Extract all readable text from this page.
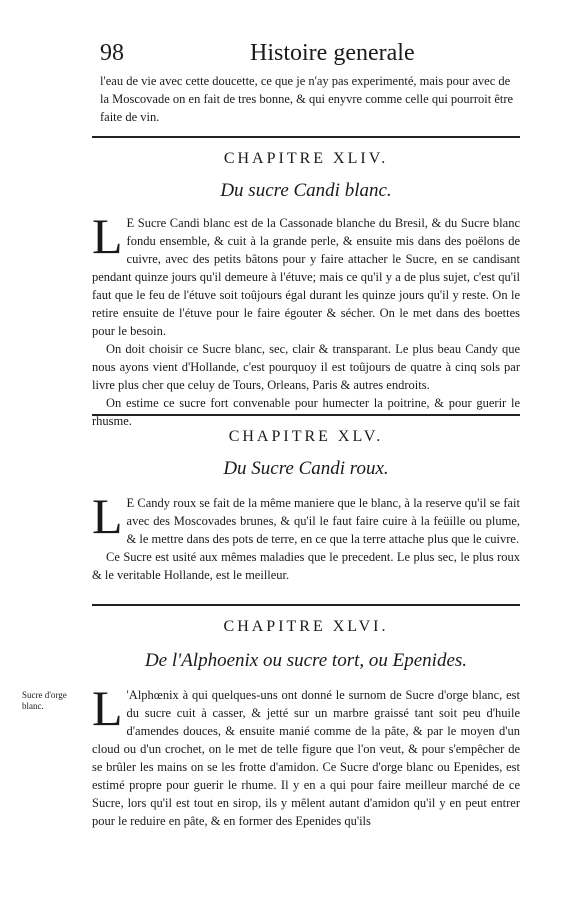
98	Histoire generale
l'eau de vie avec cette doucette, ce que je n'ay pas experimenté, mais pour avec de la Moscovade on en fait de tres bonne, & qui enyvre comme celle qui pourroit être faite de vin.
CHAPITRE XLIV.
Du sucre Candi blanc.

L E Sucre Candi blanc est de la Cassonade blanche du Bresil, & du Sucre blanc fondu ensemble, & cuit à la grande perle, & ensuite mis dans des poëlons de cuivre, avec des petits bâtons pour y faire attacher le Sucre, en se candisant pendant quinze jours qu'il demeure à l'étuve; mais ce qu'il y a de plus sujet, c'est qu'il faut que le feu de l'étuve soit toûjours égal durant les quinze jours qu'il y reste. On le retire ensuite de l'étuve pour le faire égouter & sécher. On le met dans des boettes pour le besoin.

On doit choisir ce Sucre blanc, sec, clair & transparant. Le plus beau Candy que nous ayons vient d'Hollande, c'est pourquoy il est toûjours de quatre à cinq sols par livre plus cher que celuy de Tours, Orleans, Paris & autres endroits.

On estime ce sucre fort convenable pour humecter la poitrine, & pour guerir le rhusme.

CHAPITRE XLV.
Du Sucre Candi roux.

L E Candy roux se fait de la même maniere que le blanc, à la reserve qu'il se fait avec des Moscovades brunes, & qu'il le faut faire cuire à la feüille ou plume, & le mettre dans des pots de terre, en ce que la terre attache plus que le cuivre.

Ce Sucre est usité aux mêmes maladies que le precedent. Le plus sec, le plus roux & le veritable Hollande, est le meilleur.

CHAPITRE XLVI.
De l'Alphoenix ou sucre tort, ou Epenides.
Sucre d'orge blanc. L 'Alphœnix à qui quelques-uns ont donné le surnom de Sucre d'orge blanc, est du sucre cuit à casser, & jetté sur un marbre graissé tant soit peu d'huile d'amendes douces, & ensuite manié comme de la pâte, & par le moyen d'un cloud ou d'un crochet, on le met de telle figure que l'on veut, & pour s'empêcher de se brûler les mains on se les frotte d'amidon. Ce Sucre d'orge blanc ou Epenides, est estimé propre pour guerir le rhume. Il y en a qui pour faire meilleur marché de ce Sucre, lors qu'il est tout en sirop, ils y mêlent autant d'amidon qu'il y en peut entrer pour le reduire en pâte, & en former des Epenides qu'ils
